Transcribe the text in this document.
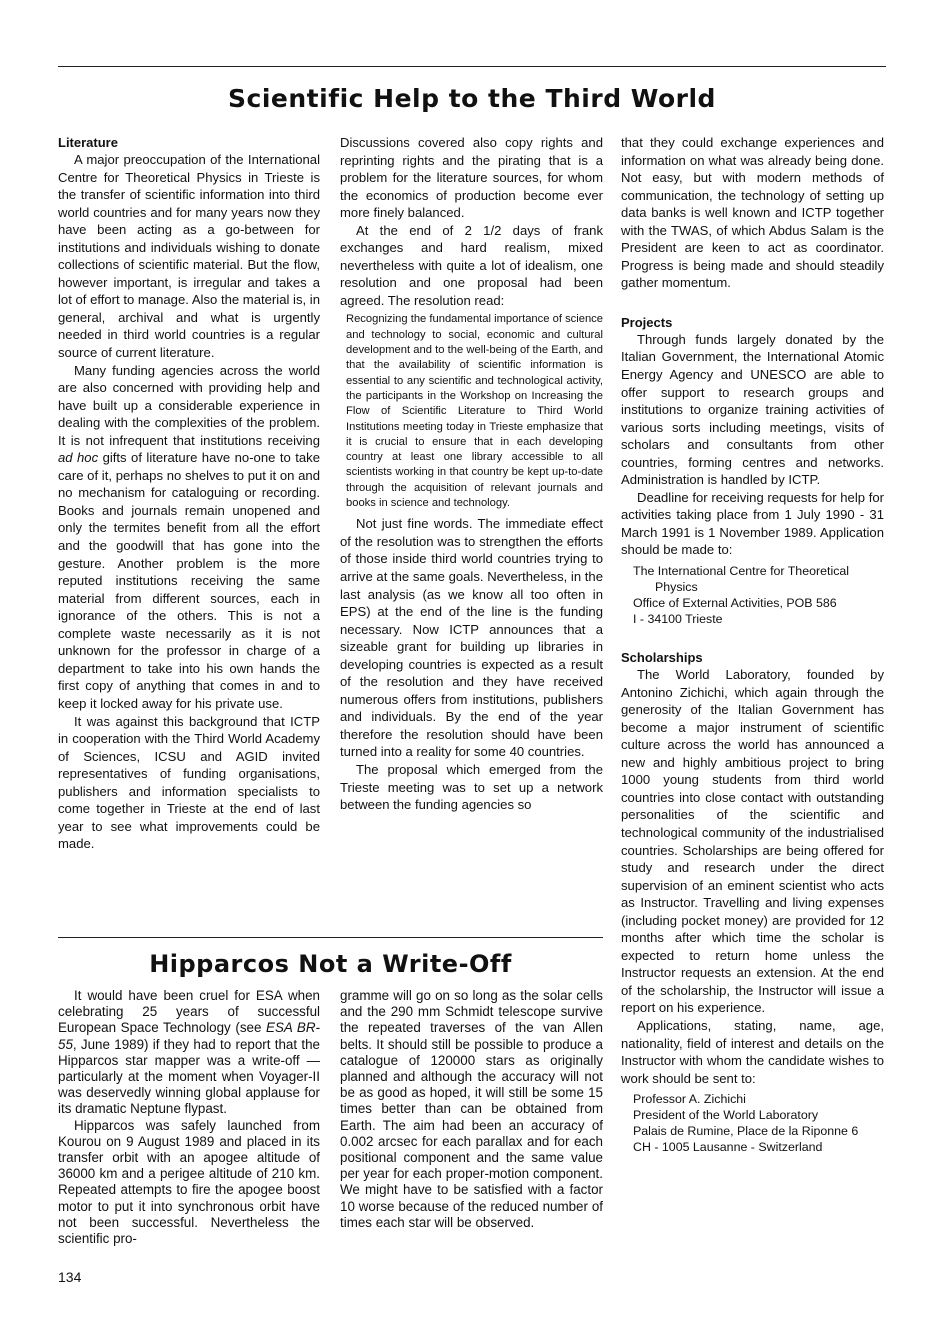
Scientific Help to the Third World
Literature

A major preoccupation of the International Centre for Theoretical Physics in Trieste is the transfer of scientific information into third world countries and for many years now they have been acting as a go-between for institutions and individuals wishing to donate collections of scientific material. But the flow, however important, is irregular and takes a lot of effort to manage. Also the material is, in general, archival and what is urgently needed in third world countries is a regular source of current literature.

Many funding agencies across the world are also concerned with providing help and have built up a considerable experience in dealing with the complexities of the problem. It is not infrequent that institutions receiving ad hoc gifts of literature have no-one to take care of it, perhaps no shelves to put it on and no mechanism for cataloguing or recording. Books and journals remain unopened and only the termites benefit from all the effort and the goodwill that has gone into the gesture. Another problem is the more reputed institutions receiving the same material from different sources, each in ignorance of the others. This is not a complete waste necessarily as it is not unknown for the professor in charge of a department to take into his own hands the first copy of anything that comes in and to keep it locked away for his private use.

It was against this background that ICTP in cooperation with the Third World Academy of Sciences, ICSU and AGID invited representatives of funding organisations, publishers and information specialists to come together in Trieste at the end of last year to see what improvements could be made.

Discussions covered also copy rights and reprinting rights and the pirating that is a problem for the literature sources, for whom the economics of production become ever more finely balanced.

At the end of 2 1/2 days of frank exchanges and hard realism, mixed nevertheless with quite a lot of idealism, one resolution and one proposal had been agreed. The resolution read:

Recognizing the fundamental importance of science and technology to social, economic and cultural development and to the well-being of the Earth, and that the availability of scientific information is essential to any scientific and technological activity, the participants in the Workshop on Increasing the Flow of Scientific Literature to Third World Institutions meeting today in Trieste emphasize that it is crucial to ensure that in each developing country at least one library accessible to all scientists working in that country be kept up-to-date through the acquisition of relevant journals and books in science and technology.

Not just fine words. The immediate effect of the resolution was to strengthen the efforts of those inside third world countries trying to arrive at the same goals. Nevertheless, in the last analysis (as we know all too often in EPS) at the end of the line is the funding necessary. Now ICTP announces that a sizeable grant for building up libraries in developing countries is expected as a result of the resolution and they have received numerous offers from institutions, publishers and individuals. By the end of the year therefore the resolution should have been turned into a reality for some 40 countries.

The proposal which emerged from the Trieste meeting was to set up a network between the funding agencies so

that they could exchange experiences and information on what was already being done. Not easy, but with modern methods of communication, the technology of setting up data banks is well known and ICTP together with the TWAS, of which Abdus Salam is the President are keen to act as coordinator. Progress is being made and should steadily gather momentum.

Projects

Through funds largely donated by the Italian Government, the International Atomic Energy Agency and UNESCO are able to offer support to research groups and institutions to organize training activities of various sorts including meetings, visits of scholars and consultants from other countries, forming centres and networks. Administration is handled by ICTP.

Deadline for receiving requests for help for activities taking place from 1 July 1990 - 31 March 1991 is 1 November 1989. Application should be made to:

The International Centre for Theoretical
Physics
Office of External Activities, POB 586
I - 34100 Trieste
Scholarships

The World Laboratory, founded by Antonino Zichichi, which again through the generosity of the Italian Government has become a major instrument of scientific culture across the world has announced a new and highly ambitious project to bring 1000 young students from third world countries into close contact with outstanding personalities of the scientific and technological community of the industrialised countries. Scholarships are being offered for study and research under the direct supervision of an eminent scientist who acts as Instructor. Travelling and living expenses (including pocket money) are provided for 12 months after which time the scholar is expected to return home unless the Instructor requests an extension. At the end of the scholarship, the Instructor will issue a report on his experience.

Applications, stating, name, age, nationality, field of interest and details on the Instructor with whom the candidate wishes to work should be sent to:

Professor A. Zichichi
President of the World Laboratory
Palais de Rumine, Place de la Riponne 6
CH - 1005 Lausanne - Switzerland
Hipparcos Not a Write-Off

It would have been cruel for ESA when celebrating 25 years of successful European Space Technology (see ESA BR-55, June 1989) if they had to report that the Hipparcos star mapper was a write-off — particularly at the moment when Voyager-II was deservedly winning global applause for its dramatic Neptune flypast.

Hipparcos was safely launched from Kourou on 9 August 1989 and placed in its transfer orbit with an apogee altitude of 36000 km and a perigee altitude of 210 km. Repeated attempts to fire the apogee boost motor to put it into synchronous orbit have not been successful. Nevertheless the scientific pro-

gramme will go on so long as the solar cells and the 290 mm Schmidt telescope survive the repeated traverses of the van Allen belts. It should still be possible to produce a catalogue of 120000 stars as originally planned and although the accuracy will not be as good as hoped, it will still be some 15 times better than can be obtained from Earth. The aim had been an accuracy of 0.002 arcsec for each parallax and for each positional component and the same value per year for each proper-motion component. We might have to be satisfied with a factor 10 worse because of the reduced number of times each star will be observed.

134
